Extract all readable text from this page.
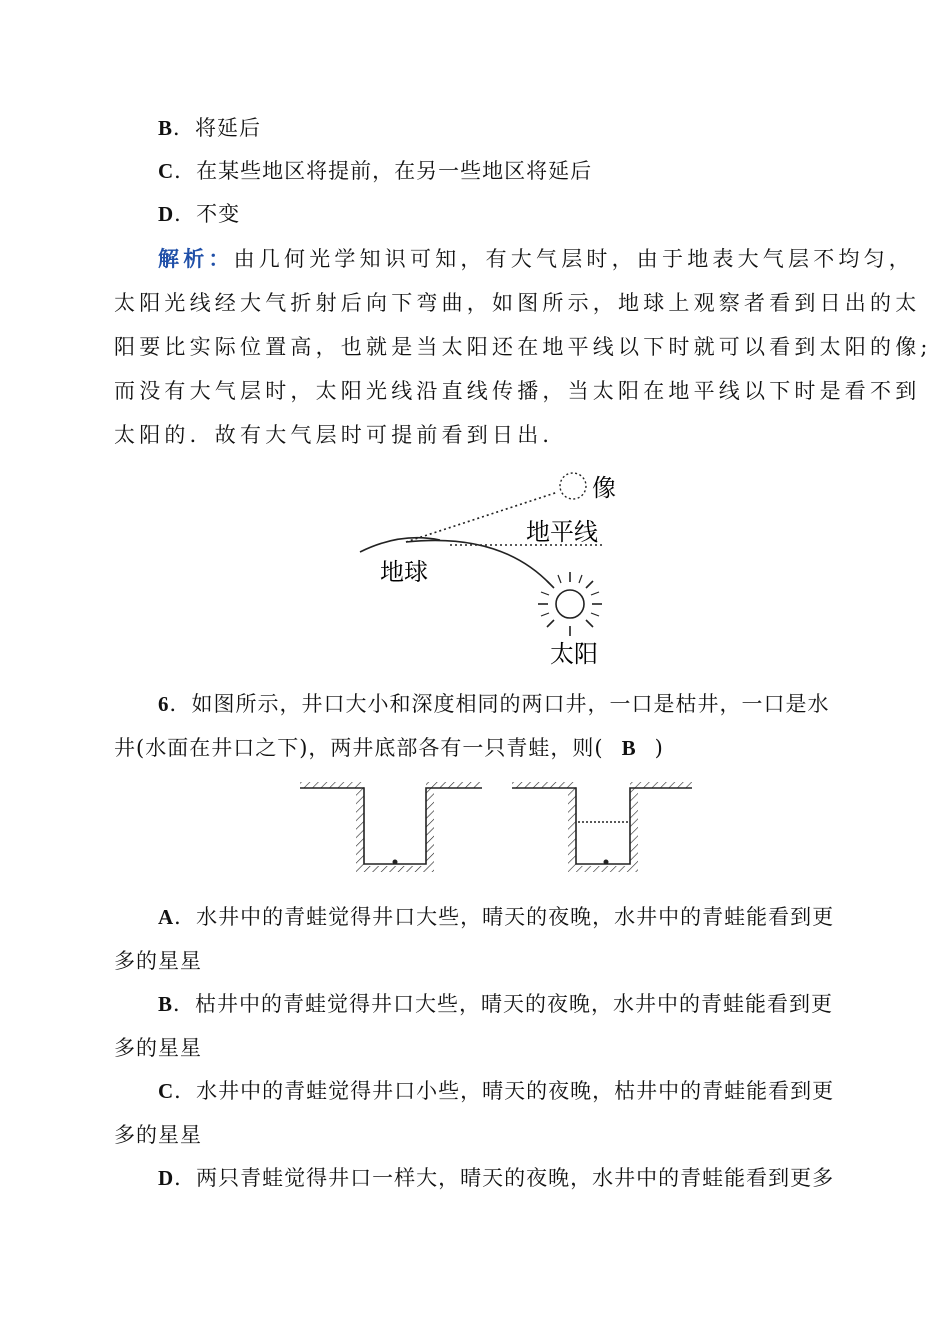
B．将延后
C．在某些地区将提前，在另一些地区将延后
D．不变
解析：由几何光学知识可知，有大气层时，由于地表大气层不均匀，
太阳光线经大气折射后向下弯曲，如图所示，地球上观察者看到日出的太
阳要比实际位置高，也就是当太阳还在地平线以下时就可以看到太阳的像;
而没有大气层时，太阳光线沿直线传播，当太阳在地平线以下时是看不到
太阳的．故有大气层时可提前看到日出．
像
地平线
地球
太阳
6．如图所示，井口大小和深度相同的两口井，一口是枯井，一口是水
井(水面在井口之下)，两井底部各有一只青蛙，则( B )
A．水井中的青蛙觉得井口大些，晴天的夜晚，水井中的青蛙能看到更
多的星星
B．枯井中的青蛙觉得井口大些，晴天的夜晚，水井中的青蛙能看到更
多的星星
C．水井中的青蛙觉得井口小些，晴天的夜晚，枯井中的青蛙能看到更
多的星星
D．两只青蛙觉得井口一样大，晴天的夜晚，水井中的青蛙能看到更多
